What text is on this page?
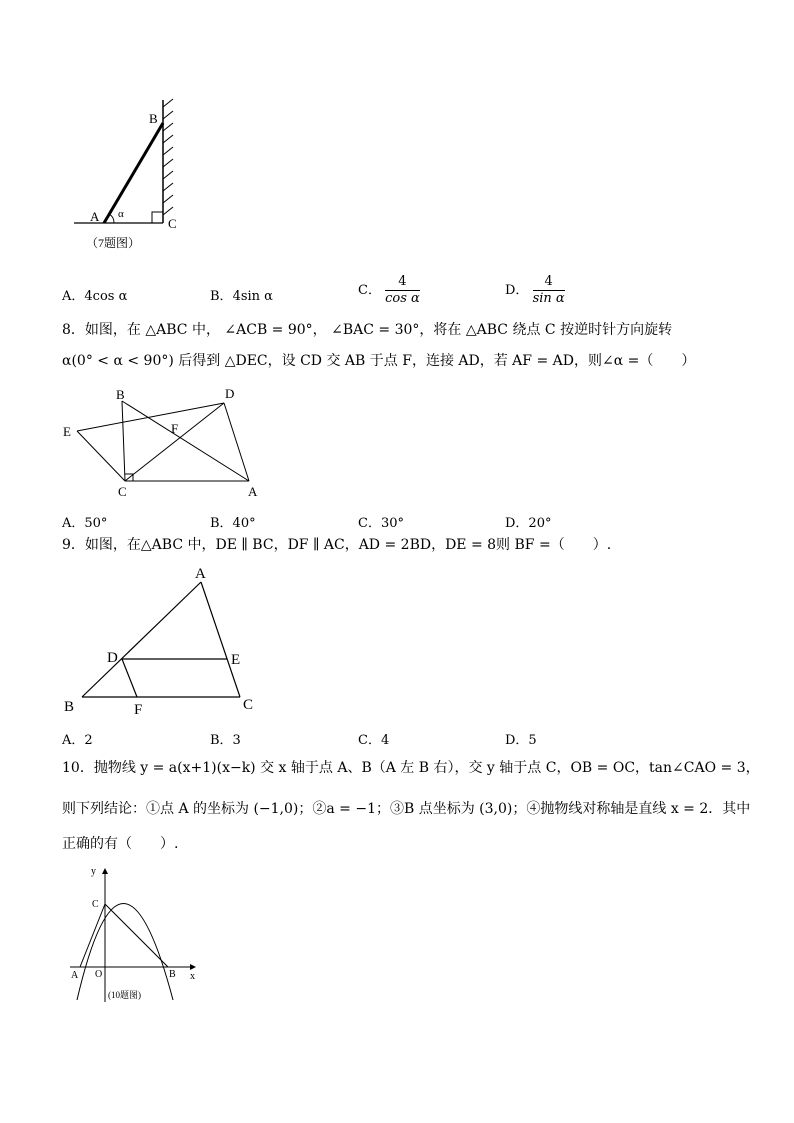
B
A α
C
（7题图）
A．4cos α	B．4sin α	C． $\frac{4}{\text{cos α}}$	D． $\frac{4}{\text{sin α}}$
8．如图，在 △ABC 中， ∠ACB = 90°， ∠BAC = 30°，将在 △ABC 绕点 C 按逆时针方向旋转
α(0° < α < 90°) 后得到 △DEC，设 CD 交 AB 于点 F，连接 AD，若 AF = AD，则∠α =（　　）
B	D
E	F
C	A
A．50°	B．40°	C．30°	D．20°
9．如图，在△ABC 中，DE ∥ BC，DF ∥ AC，AD = 2BD，DE = 8则 BF =（　　）.
A
D	E
B	F	C
A．2	B．3	C．4	D．5
10．抛物线 y = a(x+1)(x−k) 交 x 轴于点 A、B（A 左 B 右），交 y 轴于点 C，OB = OC，tan∠CAO = 3，
则下列结论：①点 A 的坐标为 (−1,0)；②a = −1；③B 点坐标为 (3,0)；④抛物线对称轴是直线 x = 2．其中
正确的有（　　）.
y
C
A O	B x
(10题图)
